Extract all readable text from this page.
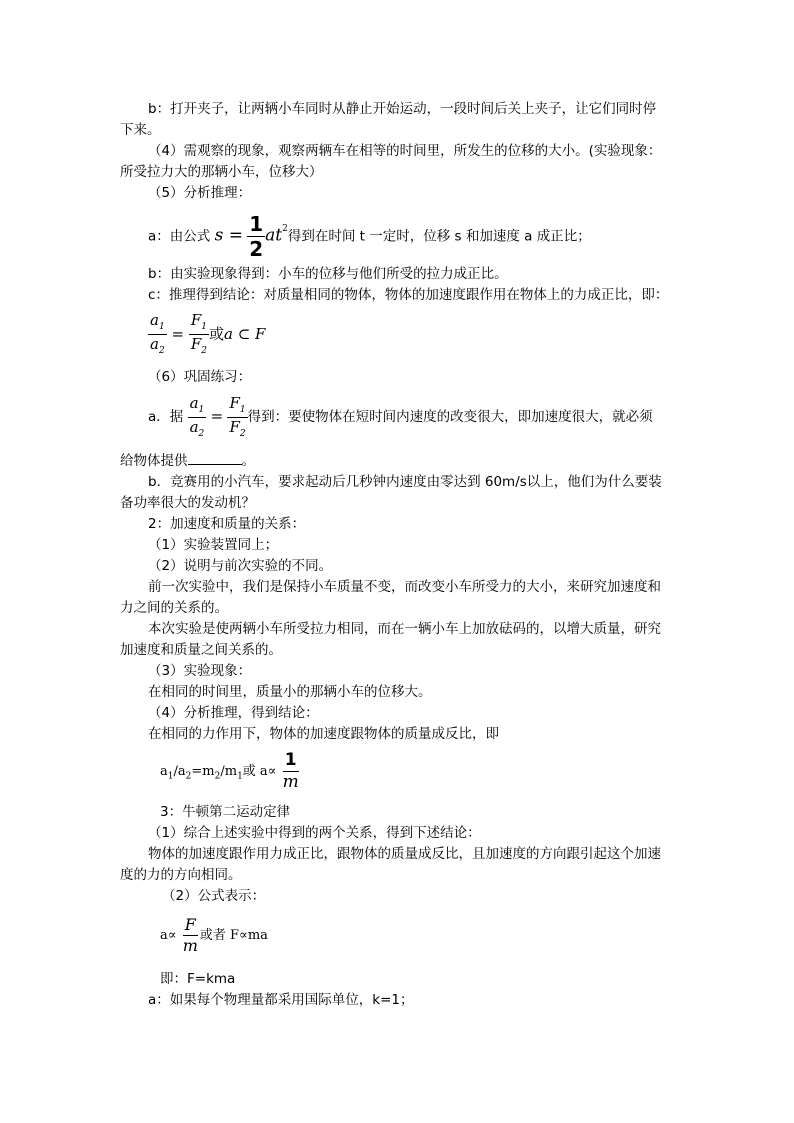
b：打开夹子，让两辆小车同时从静止开始运动，一段时间后关上夹子，让它们同时停
下来。
（4）需观察的现象，观察两辆车在相等的时间里，所发生的位移的大小。(实验现象：
所受拉力大的那辆小车，位移大）
（5）分析推理：
a：由公式 $s = \frac{1}{2} at^2$得到在时间 t 一定时，位移 s 和加速度 a 成正比；
b：由实验现象得到：小车的位移与他们所受的拉力成正比。
c：推理得到结论：对质量相同的物体，物体的加速度跟作用在物体上的力成正比，即：
$\frac{a_1}{a_2} = \frac{F_1}{F_2}$ 或a ⊂ F
（6）巩固练习：
a．据 $\frac{a_1}{a_2} = \frac{F_1}{F_2}$ 得到：要使物体在短时间内速度的改变很大，即加速度很大，就必须
给物体提供	。
b．竞赛用的小汽车，要求起动后几秒钟内速度由零达到 60m/s以上，他们为什么要装
备功率很大的发动机？
2：加速度和质量的关系：
（1）实验装置同上；
（2）说明与前次实验的不同。
前一次实验中，我们是保持小车质量不变，而改变小车所受力的大小，来研究加速度和
力之间的关系的。
本次实验是使两辆小车所受拉力相同，而在一辆小车上加放砝码的，以增大质量，研究
加速度和质量之间关系的。
（3）实验现象：
在相同的时间里，质量小的那辆小车的位移大。
（4）分析推理，得到结论：
在相同的力作用下，物体的加速度跟物体的质量成反比，即
$a_1/a_2=m_2/m_1$或 $a\propto \frac{1}{m}$
3：牛顿第二运动定律
（1）综合上述实验中得到的两个关系，得到下述结论：
物体的加速度跟作用力成正比，跟物体的质量成反比，且加速度的方向跟引起这个加速
度的力的方向相同。
（2）公式表示：
$a\propto \frac{F}{m}$ 或者 F∝ma
即：F=kma
a：如果每个物理量都采用国际单位，k=1；
